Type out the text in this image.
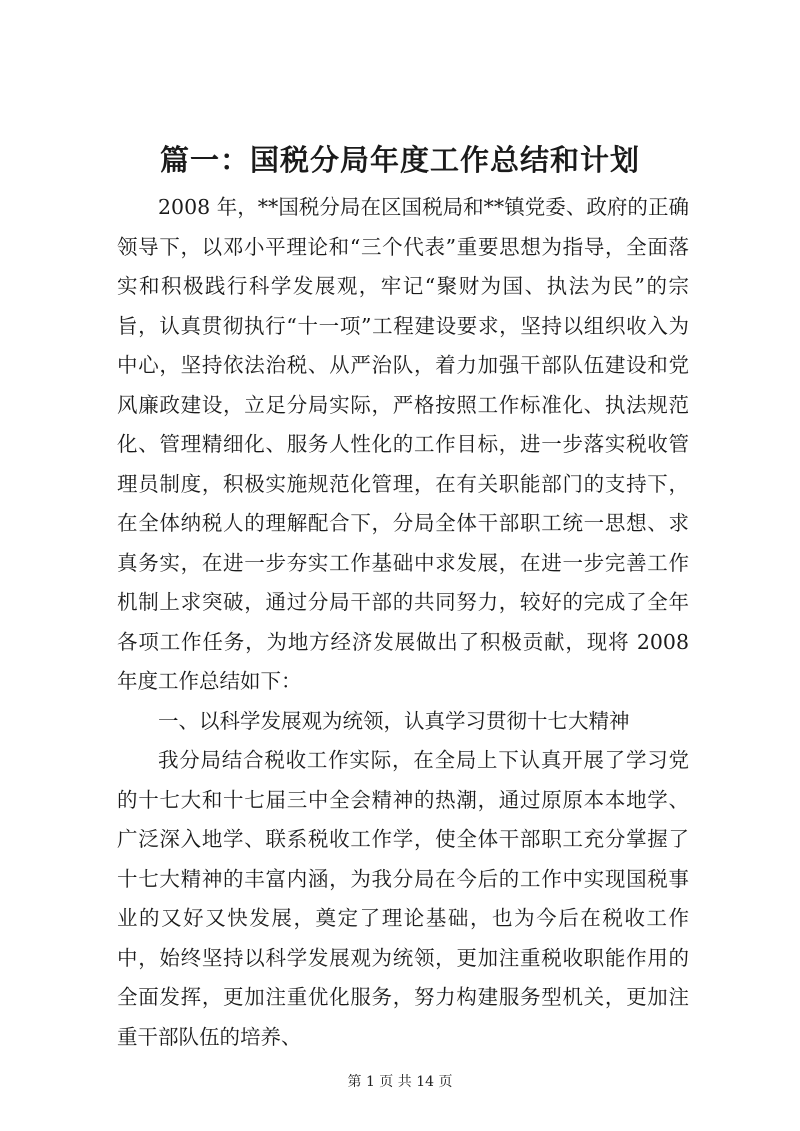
篇一：国税分局年度工作总结和计划

2008 年，**国税分局在区国税局和**镇党委、政府的正确领导下，以邓小平理论和“三个代表”重要思想为指导，全面落实和积极践行科学发展观，牢记“聚财为国、执法为民”的宗旨，认真贯彻执行“十一项”工程建设要求，坚持以组织收入为中心，坚持依法治税、从严治队，着力加强干部队伍建设和党风廉政建设，立足分局实际，严格按照工作标准化、执法规范化、管理精细化、服务人性化的工作目标，进一步落实税收管理员制度，积极实施规范化管理，在有关职能部门的支持下，在全体纳税人的理解配合下，分局全体干部职工统一思想、求真务实，在进一步夯实工作基础中求发展，在进一步完善工作机制上求突破，通过分局干部的共同努力，较好的完成了全年各项工作任务，为地方经济发展做出了积极贡献，现将 2008 年度工作总结如下：

一、以科学发展观为统领，认真学习贯彻十七大精神

我分局结合税收工作实际，在全局上下认真开展了学习党的十七大和十七届三中全会精神的热潮，通过原原本本地学、广泛深入地学、联系税收工作学，使全体干部职工充分掌握了十七大精神的丰富内涵，为我分局在今后的工作中实现国税事业的又好又快发展，奠定了理论基础，也为今后在税收工作中，始终坚持以科学发展观为统领，更加注重税收职能作用的全面发挥，更加注重优化服务，努力构建服务型机关，更加注重干部队伍的培养、

第 1 页 共 14 页
